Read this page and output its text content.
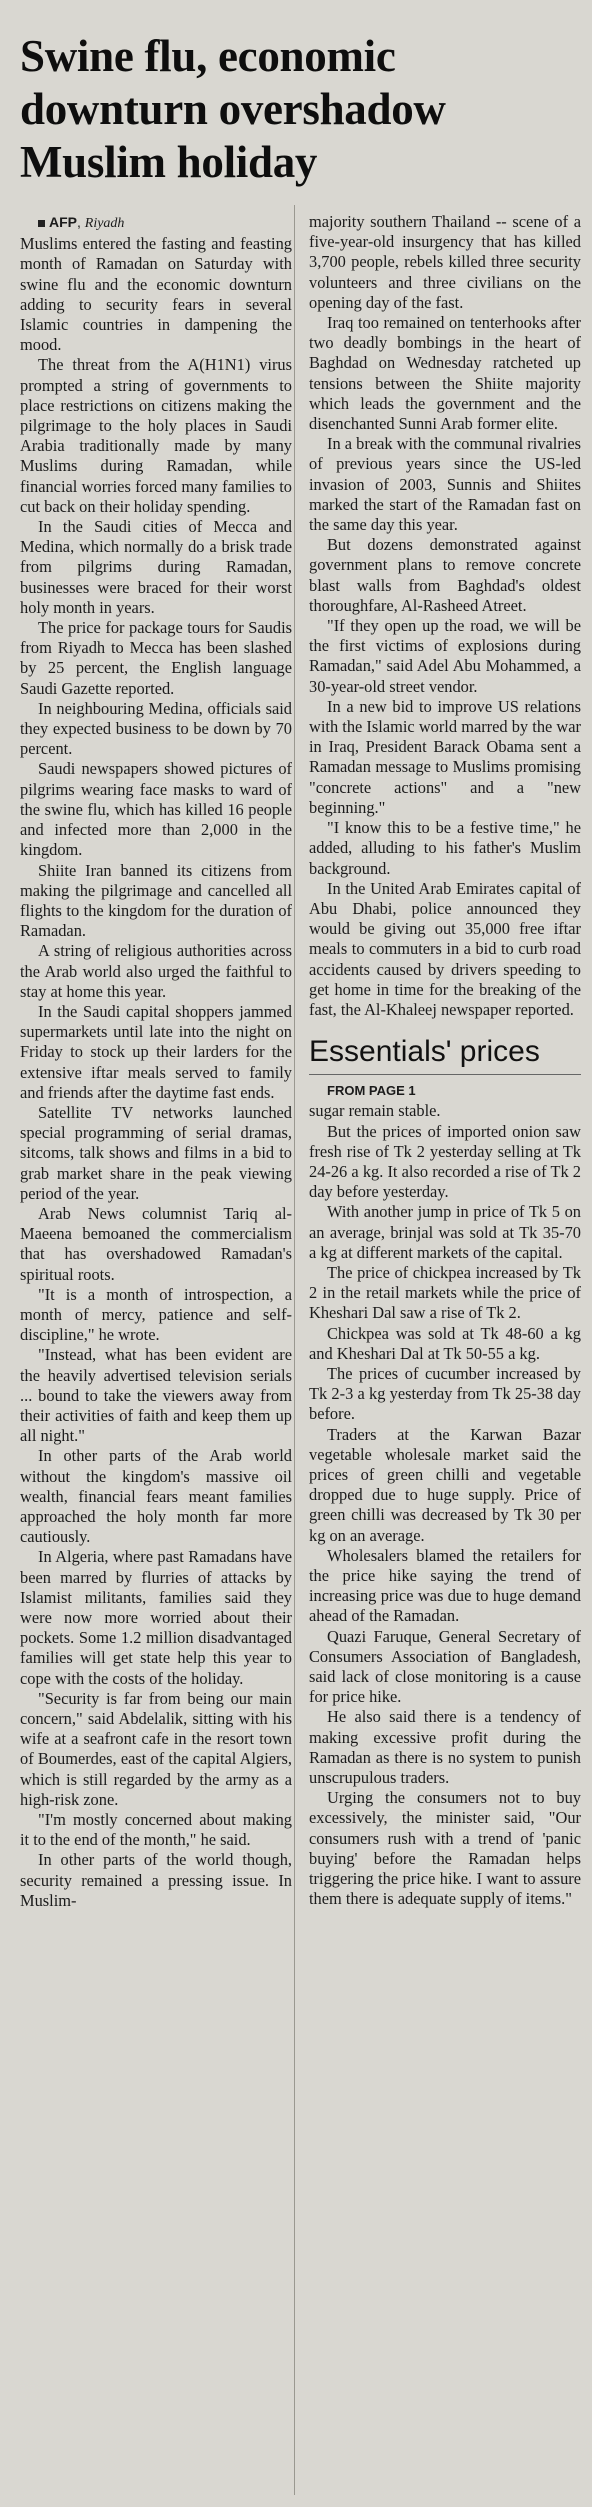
Swine flu, economic downturn overshadow Muslim holiday

AFP, Riyadh

Muslims entered the fasting and feasting month of Ramadan on Saturday with swine flu and the economic downturn adding to security fears in several Islamic countries in dampening the mood.

The threat from the A(H1N1) virus prompted a string of governments to place restrictions on citizens making the pilgrimage to the holy places in Saudi Arabia traditionally made by many Muslims during Ramadan, while financial worries forced many families to cut back on their holiday spending.

In the Saudi cities of Mecca and Medina, which normally do a brisk trade from pilgrims during Ramadan, businesses were braced for their worst holy month in years.

The price for package tours for Saudis from Riyadh to Mecca has been slashed by 25 percent, the English language Saudi Gazette reported.

In neighbouring Medina, officials said they expected business to be down by 70 percent.

Saudi newspapers showed pictures of pilgrims wearing face masks to ward of the swine flu, which has killed 16 people and infected more than 2,000 in the kingdom.

Shiite Iran banned its citizens from making the pilgrimage and cancelled all flights to the kingdom for the duration of Ramadan.

A string of religious authorities across the Arab world also urged the faithful to stay at home this year.

In the Saudi capital shoppers jammed supermarkets until late into the night on Friday to stock up their larders for the extensive iftar meals served to family and friends after the daytime fast ends.

Satellite TV networks launched special programming of serial dramas, sitcoms, talk shows and films in a bid to grab market share in the peak viewing period of the year.

Arab News columnist Tariq al-Maeena bemoaned the commercialism that has overshadowed Ramadan's spiritual roots.

"It is a month of introspection, a month of mercy, patience and self-discipline," he wrote.

"Instead, what has been evident are the heavily advertised television serials ... bound to take the viewers away from their activities of faith and keep them up all night."

In other parts of the Arab world without the kingdom's massive oil wealth, financial fears meant families approached the holy month far more cautiously.

In Algeria, where past Ramadans have been marred by flurries of attacks by Islamist militants, families said they were now more worried about their pockets. Some 1.2 million disadvantaged families will get state help this year to cope with the costs of the holiday.

"Security is far from being our main concern," said Abdelalik, sitting with his wife at a seafront cafe in the resort town of Boumerdes, east of the capital Algiers, which is still regarded by the army as a high-risk zone.

"I'm mostly concerned about making it to the end of the month," he said.

In other parts of the world though, security remained a pressing issue. In Muslim-

majority southern Thailand -- scene of a five-year-old insurgency that has killed 3,700 people, rebels killed three security volunteers and three civilians on the opening day of the fast.

Iraq too remained on tenterhooks after two deadly bombings in the heart of Baghdad on Wednesday ratcheted up tensions between the Shiite majority which leads the government and the disenchanted Sunni Arab former elite.

In a break with the communal rivalries of previous years since the US-led invasion of 2003, Sunnis and Shiites marked the start of the Ramadan fast on the same day this year.

But dozens demonstrated against government plans to remove concrete blast walls from Baghdad's oldest thoroughfare, Al-Rasheed Atreet.

"If they open up the road, we will be the first victims of explosions during Ramadan," said Adel Abu Mohammed, a 30-year-old street vendor.

In a new bid to improve US relations with the Islamic world marred by the war in Iraq, President Barack Obama sent a Ramadan message to Muslims promising "concrete actions" and a "new beginning."

"I know this to be a festive time," he added, alluding to his father's Muslim background.

In the United Arab Emirates capital of Abu Dhabi, police announced they would be giving out 35,000 free iftar meals to commuters in a bid to curb road accidents caused by drivers speeding to get home in time for the breaking of the fast, the Al-Khaleej newspaper reported.

Essentials' prices

FROM PAGE 1

sugar remain stable.

But the prices of imported onion saw fresh rise of Tk 2 yesterday selling at Tk 24-26 a kg. It also recorded a rise of Tk 2 day before yesterday.

With another jump in price of Tk 5 on an average, brinjal was sold at Tk 35-70 a kg at different markets of the capital.

The price of chickpea increased by Tk 2 in the retail markets while the price of Kheshari Dal saw a rise of Tk 2.

Chickpea was sold at Tk 48-60 a kg and Kheshari Dal at Tk 50-55 a kg.

The prices of cucumber increased by Tk 2-3 a kg yesterday from Tk 25-38 day before.

Traders at the Karwan Bazar vegetable wholesale market said the prices of green chilli and vegetable dropped due to huge supply. Price of green chilli was decreased by Tk 30 per kg on an average.

Wholesalers blamed the retailers for the price hike saying the trend of increasing price was due to huge demand ahead of the Ramadan.

Quazi Faruque, General Secretary of Consumers Association of Bangladesh, said lack of close monitoring is a cause for price hike.

He also said there is a tendency of making excessive profit during the Ramadan as there is no system to punish unscrupulous traders.

Urging the consumers not to buy excessively, the minister said, "Our consumers rush with a trend of 'panic buying' before the Ramadan helps triggering the price hike. I want to assure them there is adequate supply of items."
